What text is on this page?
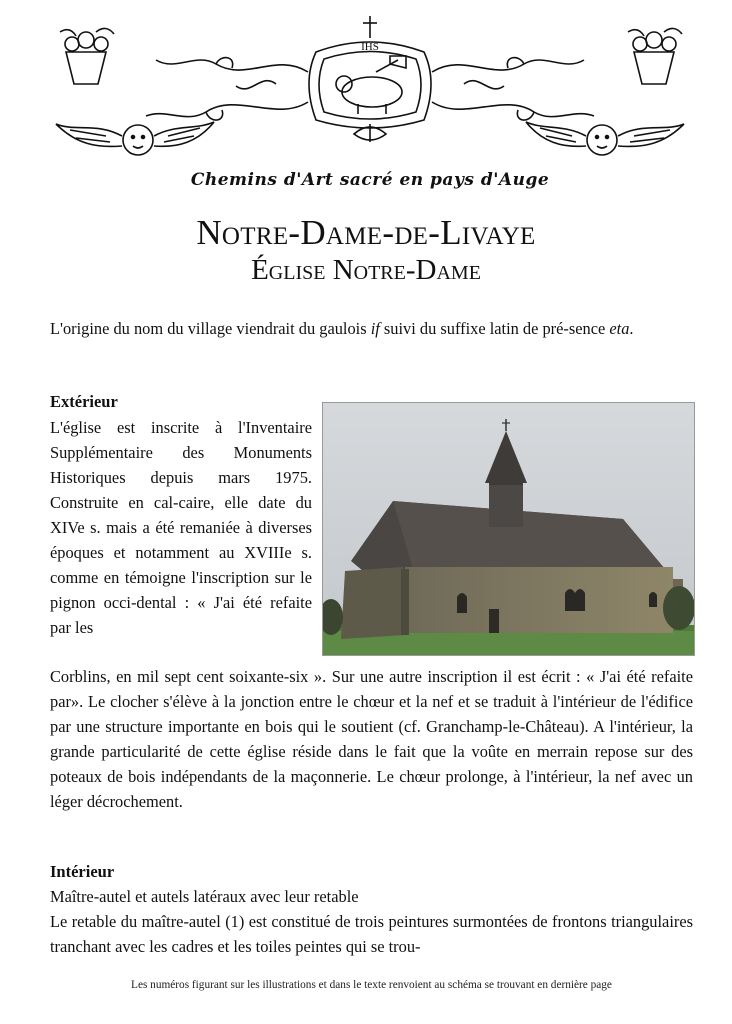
IHS
Chemins d'Art sacré en pays d'Auge
Notre-Dame-de-Livaye
Église Notre-Dame

L'origine du nom du village viendrait du gaulois if suivi du suffixe latin de pré-sence eta.

Extérieur

L'église est inscrite à l'Inventaire Supplémentaire des Monuments Historiques depuis mars 1975. Construite en cal-caire, elle date du XIVe s. mais a été remaniée à diverses époques et notamment au XVIIIe s. comme en témoigne l'inscription sur le pignon occi-dental : « J'ai été refaite par les

Corblins, en mil sept cent soixante-six ». Sur une autre inscription il est écrit : « J'ai été refaite par». Le clocher s'élève à la jonction entre le chœur et la nef et se traduit à l'intérieur de l'édifice par une structure importante en bois qui le soutient (cf. Granchamp-le-Château). A l'intérieur, la grande particularité de cette église réside dans le fait que la voûte en merrain repose sur des poteaux de bois indépendants de la maçonnerie. Le chœur prolonge, à l'intérieur, la nef avec un léger décrochement.

Intérieur

Maître-autel et autels latéraux avec leur retable

Le retable du maître-autel (1) est constitué de trois peintures surmontées de frontons triangulaires tranchant avec les cadres et les toiles peintes qui se trou-

Les numéros figurant sur les illustrations et dans le texte renvoient au schéma se trouvant en dernière page
